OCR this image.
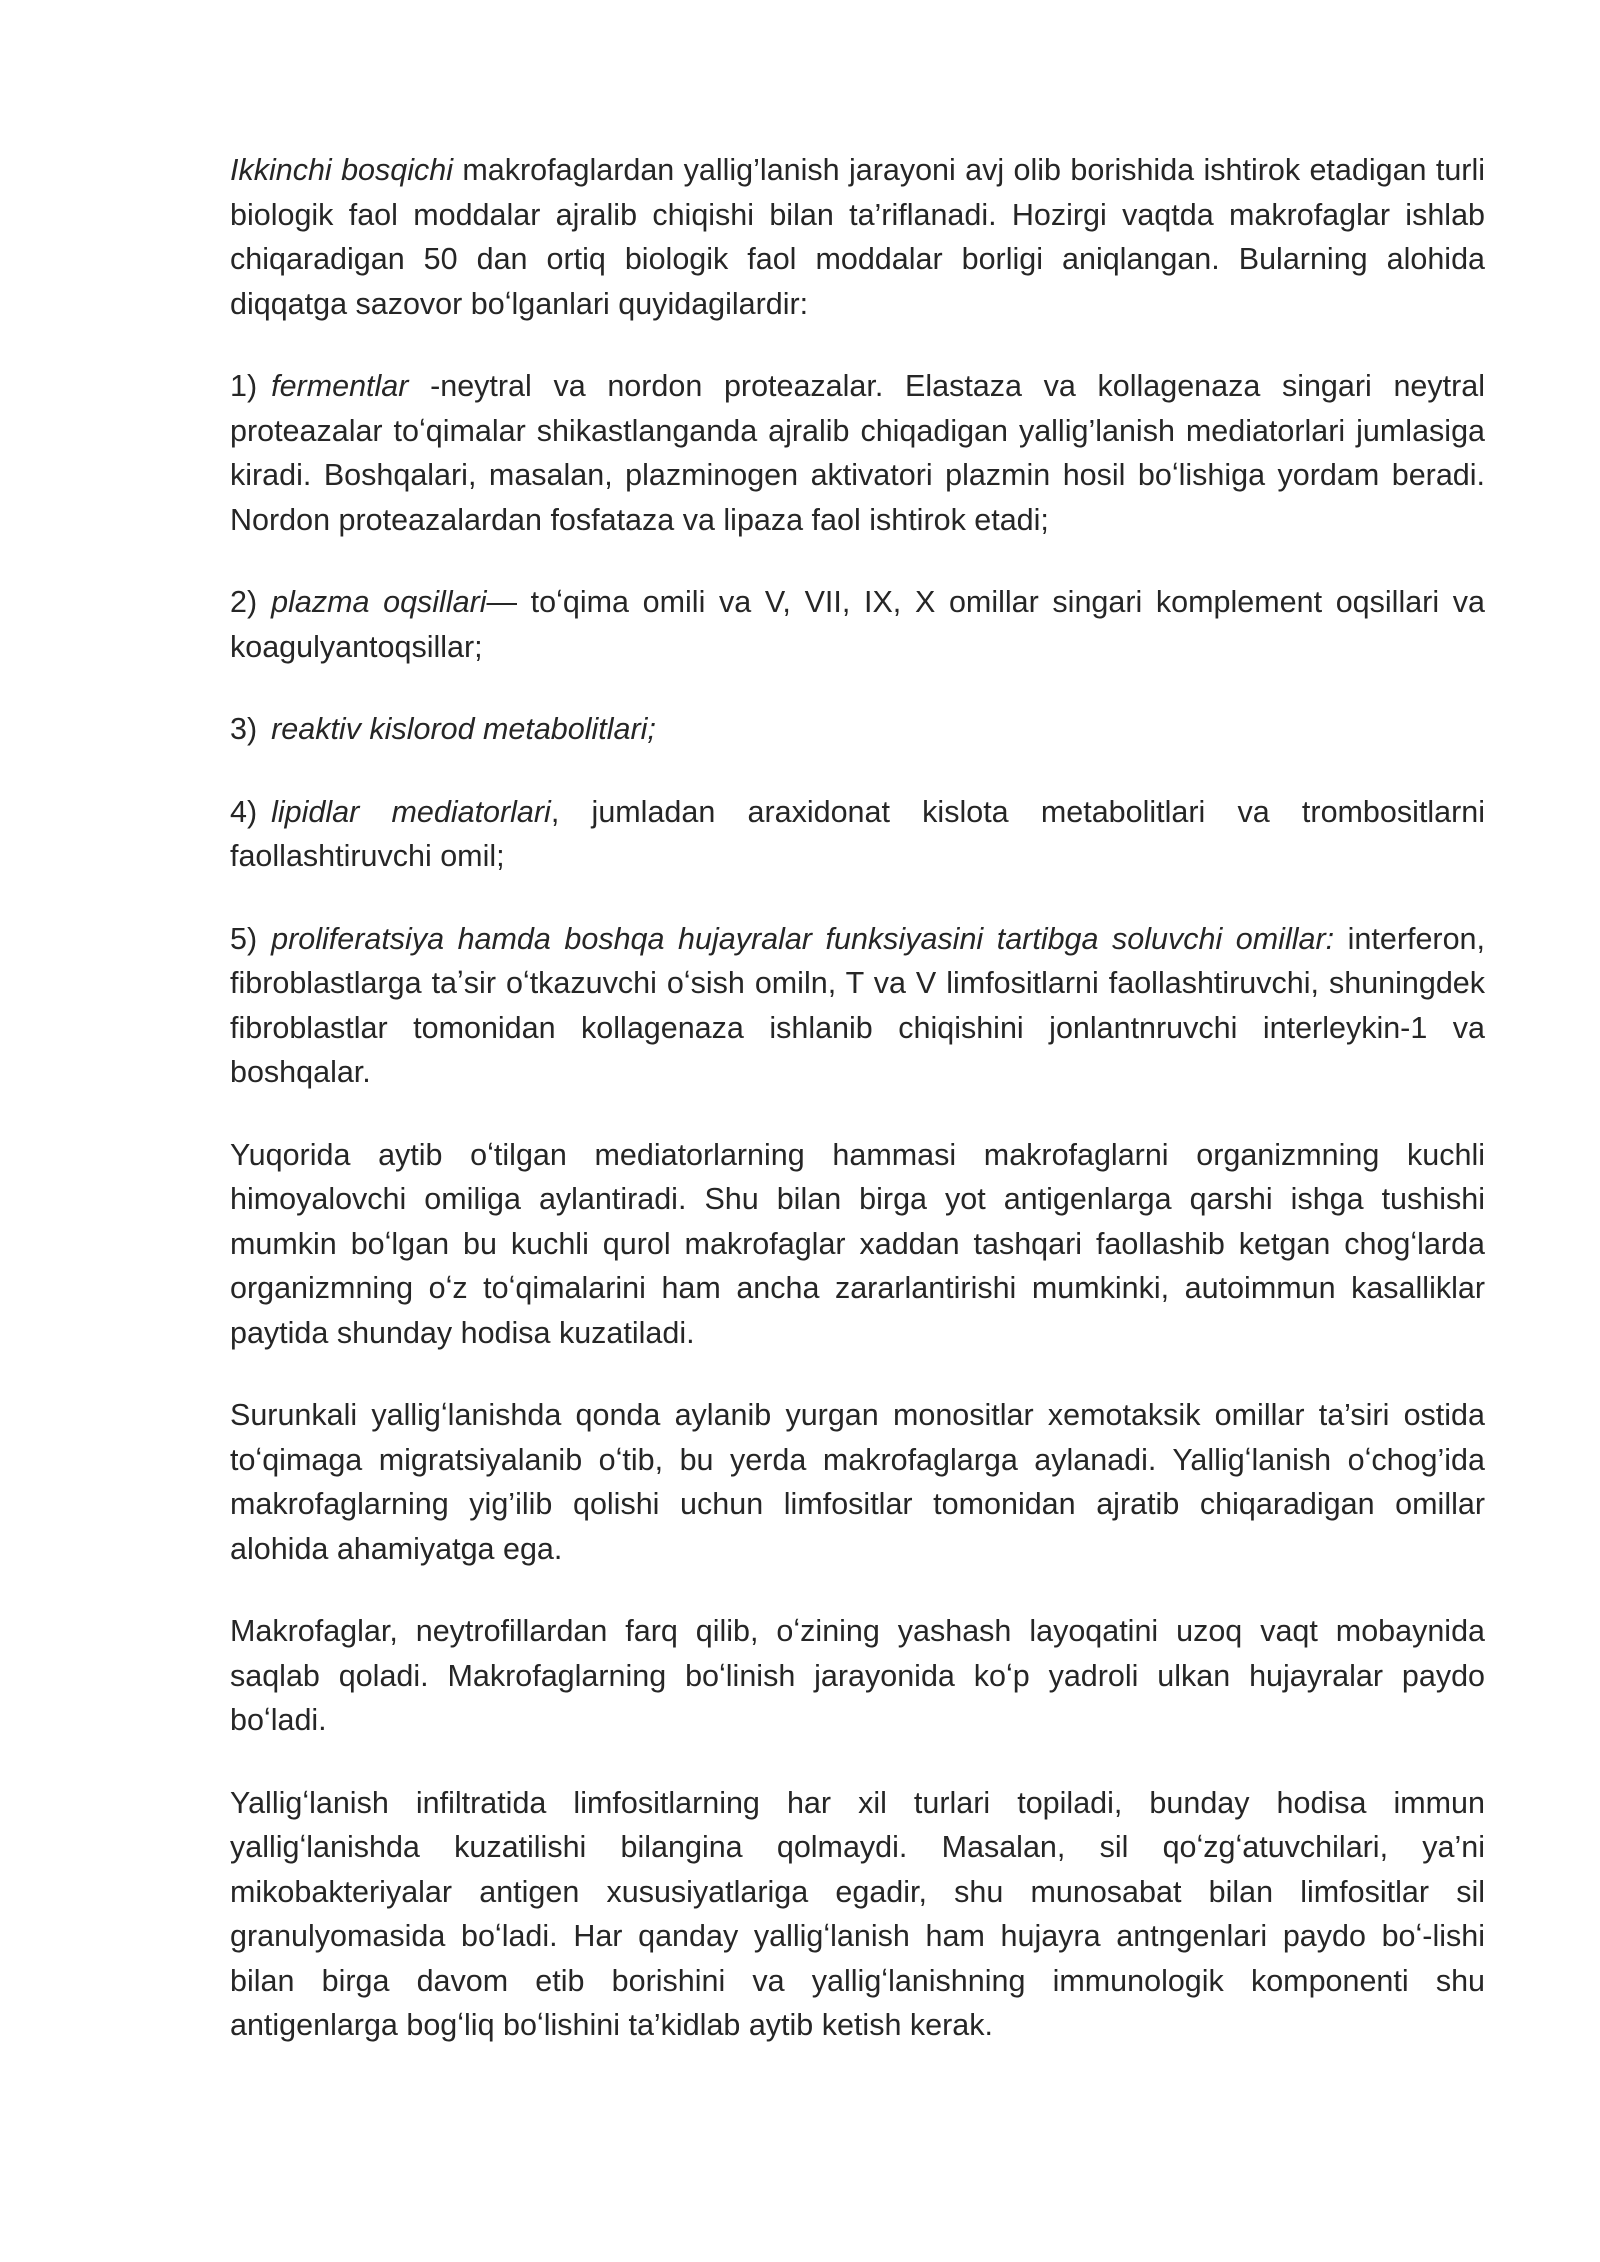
Ikkinchi bosqichi makrofaglardan yallig’lanish jarayoni avj olib borishida ishtirok etadigan turli biologik faol moddalar ajralib chiqishi bilan ta’riflanadi. Hozirgi vaqtda makrofaglar ishlab chiqaradigan 50 dan ortiq biologik faol moddalar borligi aniqlangan. Bularning alohida diqqatga sazovor boʻlganlari quyidagilardir:

1) fermentlar -neytral va nordon proteazalar. Elastaza va kollagenaza singari neytral proteazalar toʻqimalar shikastlanganda ajralib chiqadigan yallig’lanish mediatorlari jumlasiga kiradi. Boshqalari, masalan, plazminogen aktivatori plazmin hosil boʻlishiga yordam beradi. Nordon proteazalardan fosfataza va lipaza faol ishtirok etadi;

2) plazma oqsillari— toʻqima omili va V, VII, IX, X omillar singari komplement oqsillari va koagulyantoqsillar;

3) reaktiv kislorod metabolitlari;

4) lipidlar mediatorlari, jumladan araxidonat kislota metabolitlari va trombositlarni faollashtiruvchi omil;

5) proliferatsiya hamda boshqa hujayralar funksiyasini tartibga soluvchi omillar: interferon, fibroblastlarga taʼsir oʻtkazuvchi oʻsish omiln, T va V limfositlarni faollashtiruvchi, shuningdek fibroblastlar tomonidan kollagenaza ishlanib chiqishini jonlantnruvchi interleykin-1 va boshqalar.

Yuqorida aytib oʻtilgan mediatorlarning hammasi makrofaglarni organizmning kuchli himoyalovchi omiliga aylantiradi. Shu bilan birga yot antigenlarga qarshi ishga tushishi mumkin boʻlgan bu kuchli qurol makrofaglar xaddan tashqari faollashib ketgan chogʻlarda organizmning oʻz toʻqimalarini ham ancha zararlantirishi mumkinki, autoimmun kasalliklar paytida shunday hodisa kuzatiladi.

Surunkali yalligʻlanishda qonda aylanib yurgan monositlar xemotaksik omillar ta’siri ostida toʻqimaga migratsiyalanib oʻtib, bu yerda makrofaglarga aylanadi. Yalligʻlanish oʻchog’ida makrofaglarning yig’ilib qolishi uchun limfositlar tomonidan ajratib chiqaradigan omillar alohida ahamiyatga ega.

Makrofaglar, neytrofillardan farq qilib, oʻzining yashash layoqatini uzoq vaqt mobaynida saqlab qoladi. Makrofaglarning boʻlinish jarayonida koʻp yadroli ulkan hujayralar paydo boʻladi.

Yalligʻlanish infiltratida limfositlarning har xil turlari topiladi, bunday hodisa immun yalligʻlanishda kuzatilishi bilangina qolmaydi. Masalan, sil qoʻzgʻatuvchilari, ya’ni mikobakteriyalar antigen xususiyatlariga egadir, shu munosabat bilan limfositlar sil granulyomasida boʻladi. Har qanday yalligʻlanish ham hujayra antngenlari paydo boʻ-lishi bilan birga davom etib borishini va yalligʻlanishning immunologik komponenti shu antigenlarga bogʻliq boʻlishini ta’kidlab aytib ketish kerak.
